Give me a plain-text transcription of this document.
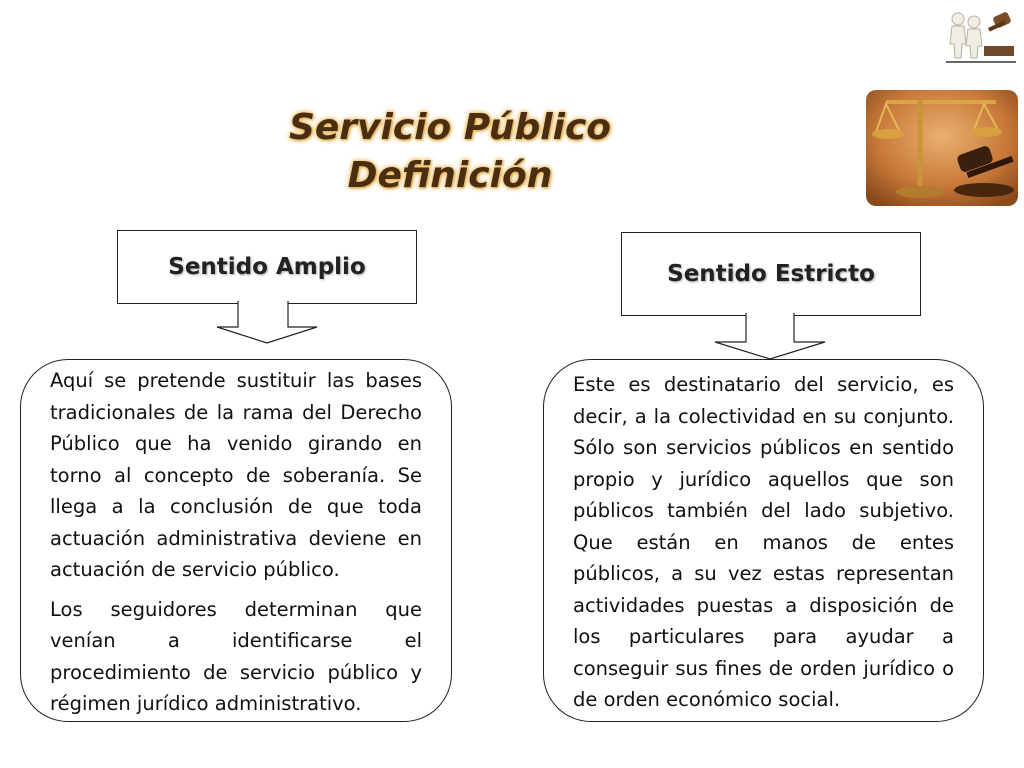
Servicio Público
Definición
Sentido Amplio	Sentido Estricto

Aquí se pretende sustituir las bases tradicionales de la rama del Derecho Público que ha venido girando en torno al concepto de soberanía. Se llega a la conclusión de que toda actuación administrativa deviene en actuación de servicio público.

Los seguidores determinan que venían a identificarse el procedimiento de servicio público y régimen jurídico administrativo.

Este es destinatario del servicio, es decir, a la colectividad en su conjunto. Sólo son servicios públicos en sentido propio y jurídico aquellos que son públicos también del lado subjetivo. Que están en manos de entes públicos, a su vez estas representan actividades puestas a disposición de los particulares para ayudar a conseguir sus fines de orden jurídico o de orden económico social.
